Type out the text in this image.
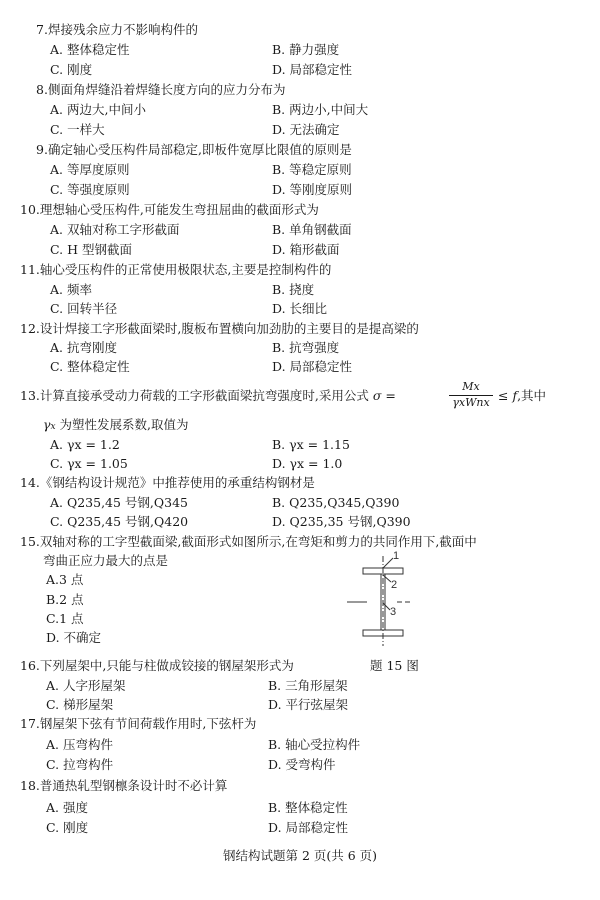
7.焊接残余应力不影响构件的
A. 整体稳定性	B. 静力强度
C. 刚度	D. 局部稳定性
8.侧面角焊缝沿着焊缝长度方向的应力分布为
A. 两边大,中间小	B. 两边小,中间大
C. 一样大	D. 无法确定
9.确定轴心受压构件局部稳定,即板件宽厚比限值的原则是
A. 等厚度原则	B. 等稳定原则
C. 等强度原则	D. 等刚度原则
10.理想轴心受压构件,可能发生弯扭屈曲的截面形式为
A. 双轴对称工字形截面	B. 单角钢截面
C. H 型钢截面	D. 箱形截面
11.轴心受压构件的正常使用极限状态,主要是控制构件的
A. 频率	B. 挠度
C. 回转半径	D. 长细比
12.设计焊接工字形截面梁时,腹板布置横向加劲肋的主要目的是提高梁的
A. 抗弯刚度	B. 抗弯强度
C. 整体稳定性	D. 局部稳定性
13.计算直接承受动力荷载的工字形截面梁抗弯强度时,采用公式 σ =
Mx
γxWnx ≤ f,其中
γx 为塑性发展系数,取值为
A. γx = 1.2	B. γx = 1.15
C. γx = 1.05	D. γx = 1.0
14.《钢结构设计规范》中推荐使用的承重结构钢材是
A. Q235,45 号钢,Q345	B. Q235,Q345,Q390
C. Q235,45 号钢,Q420	D. Q235,35 号钢,Q390
15.双轴对称的工字型截面梁,截面形式如图所示,在弯矩和剪力的共同作用下,截面中
弯曲正应力最大的点是
A.3 点
B.2 点
C.1 点
D. 不确定
1
2
3
16.下列屋架中,只能与柱做成铰接的钢屋架形式为	题 15 图
A. 人字形屋架	B. 三角形屋架
C. 梯形屋架	D. 平行弦屋架
17.钢屋架下弦有节间荷载作用时,下弦杆为
A. 压弯构件	B. 轴心受拉构件
C. 拉弯构件	D. 受弯构件
18.普通热轧型钢檩条设计时不必计算
A. 强度	B. 整体稳定性
C. 刚度	D. 局部稳定性
钢结构试题第 2 页(共 6 页)
